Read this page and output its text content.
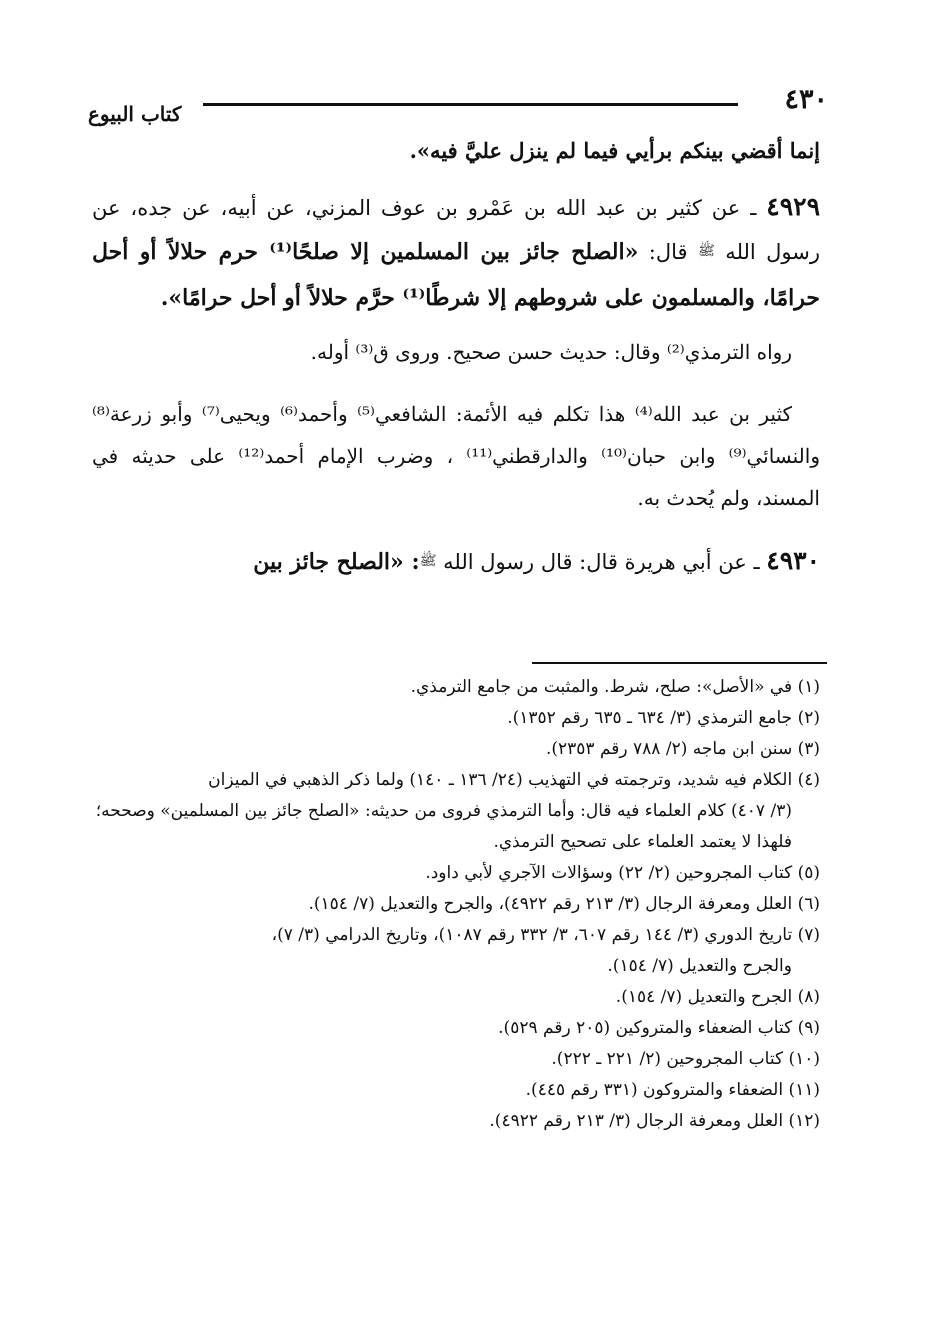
٤٣٠
كتاب البيوع

إنما أقضي بينكم برأيي فيما لم ينزل عليَّ فيه».

٤٩٢٩ ـ عن كثير بن عبد الله بن عَمْرو بن عوف المزني، عن أبيه، عن جده، عن رسول الله ﷺ قال: «الصلح جائز بين المسلمين إلا صلحًا⁽¹⁾ حرم حلالاً أو أحل حرامًا، والمسلمون على شروطهم إلا شرطًا⁽¹⁾ حرَّم حلالاً أو أحل حرامًا».

رواه الترمذي⁽²⁾ وقال: حديث حسن صحيح. وروى ق⁽³⁾ أوله.

كثير بن عبد الله⁽⁴⁾ هذا تكلم فيه الأئمة: الشافعي⁽⁵⁾ وأحمد⁽⁶⁾ ويحيى⁽⁷⁾ وأبو زرعة⁽⁸⁾ والنسائي⁽⁹⁾ وابن حبان⁽¹⁰⁾ والدارقطني⁽¹¹⁾ ، وضرب الإمام أحمد⁽¹²⁾ على حديثه في المسند، ولم يُحدث به.

٤٩٣٠ ـ عن أبي هريرة قال: قال رسول الله ﷺ: «الصلح جائز بين

(١) في «الأصل»: صلح، شرط. والمثبت من جامع الترمذي.
(٢) جامع الترمذي (٣/ ٦٣٤ ـ ٦٣٥ رقم ١٣٥٢).
(٣) سنن ابن ماجه (٢/ ٧٨٨ رقم ٢٣٥٣).
(٤) الكلام فيه شديد، وترجمته في التهذيب (٢٤/ ١٣٦ ـ ١٤٠) ولما ذكر الذهبي في الميزان
(٣/ ٤٠٧) كلام العلماء فيه قال: وأما الترمذي فروى من حديثه: «الصلح جائز بين المسلمين» وصححه؛ فلهذا لا يعتمد العلماء على تصحيح الترمذي.
(٥) كتاب المجروحين (٢/ ٢٢) وسؤالات الآجري لأبي داود.
(٦) العلل ومعرفة الرجال (٣/ ٢١٣ رقم ٤٩٢٢)، والجرح والتعديل (٧/ ١٥٤).
(٧) تاريخ الدوري (٣/ ١٤٤ رقم ٦٠٧، ٣/ ٣٣٢ رقم ١٠٨٧)، وتاريخ الدرامي (٣/ ٧)،
والجرح والتعديل (٧/ ١٥٤).
(٨) الجرح والتعديل (٧/ ١٥٤).
(٩) كتاب الضعفاء والمتروكين (٢٠٥ رقم ٥٢٩).
(١٠) كتاب المجروحين (٢/ ٢٢١ ـ ٢٢٢).
(١١) الضعفاء والمتروكون (٣٣١ رقم ٤٤٥).
(١٢) العلل ومعرفة الرجال (٣/ ٢١٣ رقم ٤٩٢٢).
